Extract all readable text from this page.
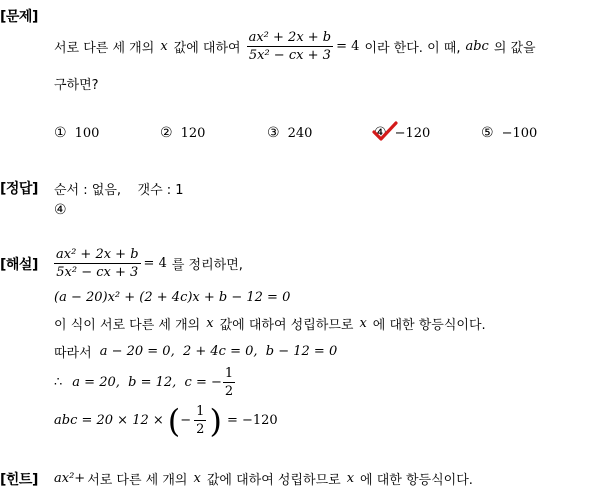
[문제]
서로 다른 세 개의 x 값에 대하여 $\frac{\text{ax² + 2x + b}}{\text{5x² − cx + 3}} = 4$ 이라 한다. 이 때, abc 의 값을
구하면?
① 100	② 120	③ 240	④ −120	⑤ −100
[정답] 순서 : 없음,    갯수 : 1
④
[해설] $\frac{\text{ax² + 2x + b}}{\text{5x² − cx + 3}} = 4$ 를 정리하면,
(a − 20)x² + (2 + 4c)x + b − 12 = 0
이 식이 서로 다른 세 개의 x 값에 대하여 성립하므로 x 에 대한 항등식이다.
따라서 a − 20 = 0,  2 + 4c = 0,  b − 12 = 0
∴ a = 20,  b = 12,  c = − $\frac{1}{2}$
abc = 20 × 12 × ( − $\frac{1}{2}$ ) = −120
[힌트] ax²+ 서로 다른 세 개의 x 값에 대하여 성립하므로 x 에 대한 항등식이다.
